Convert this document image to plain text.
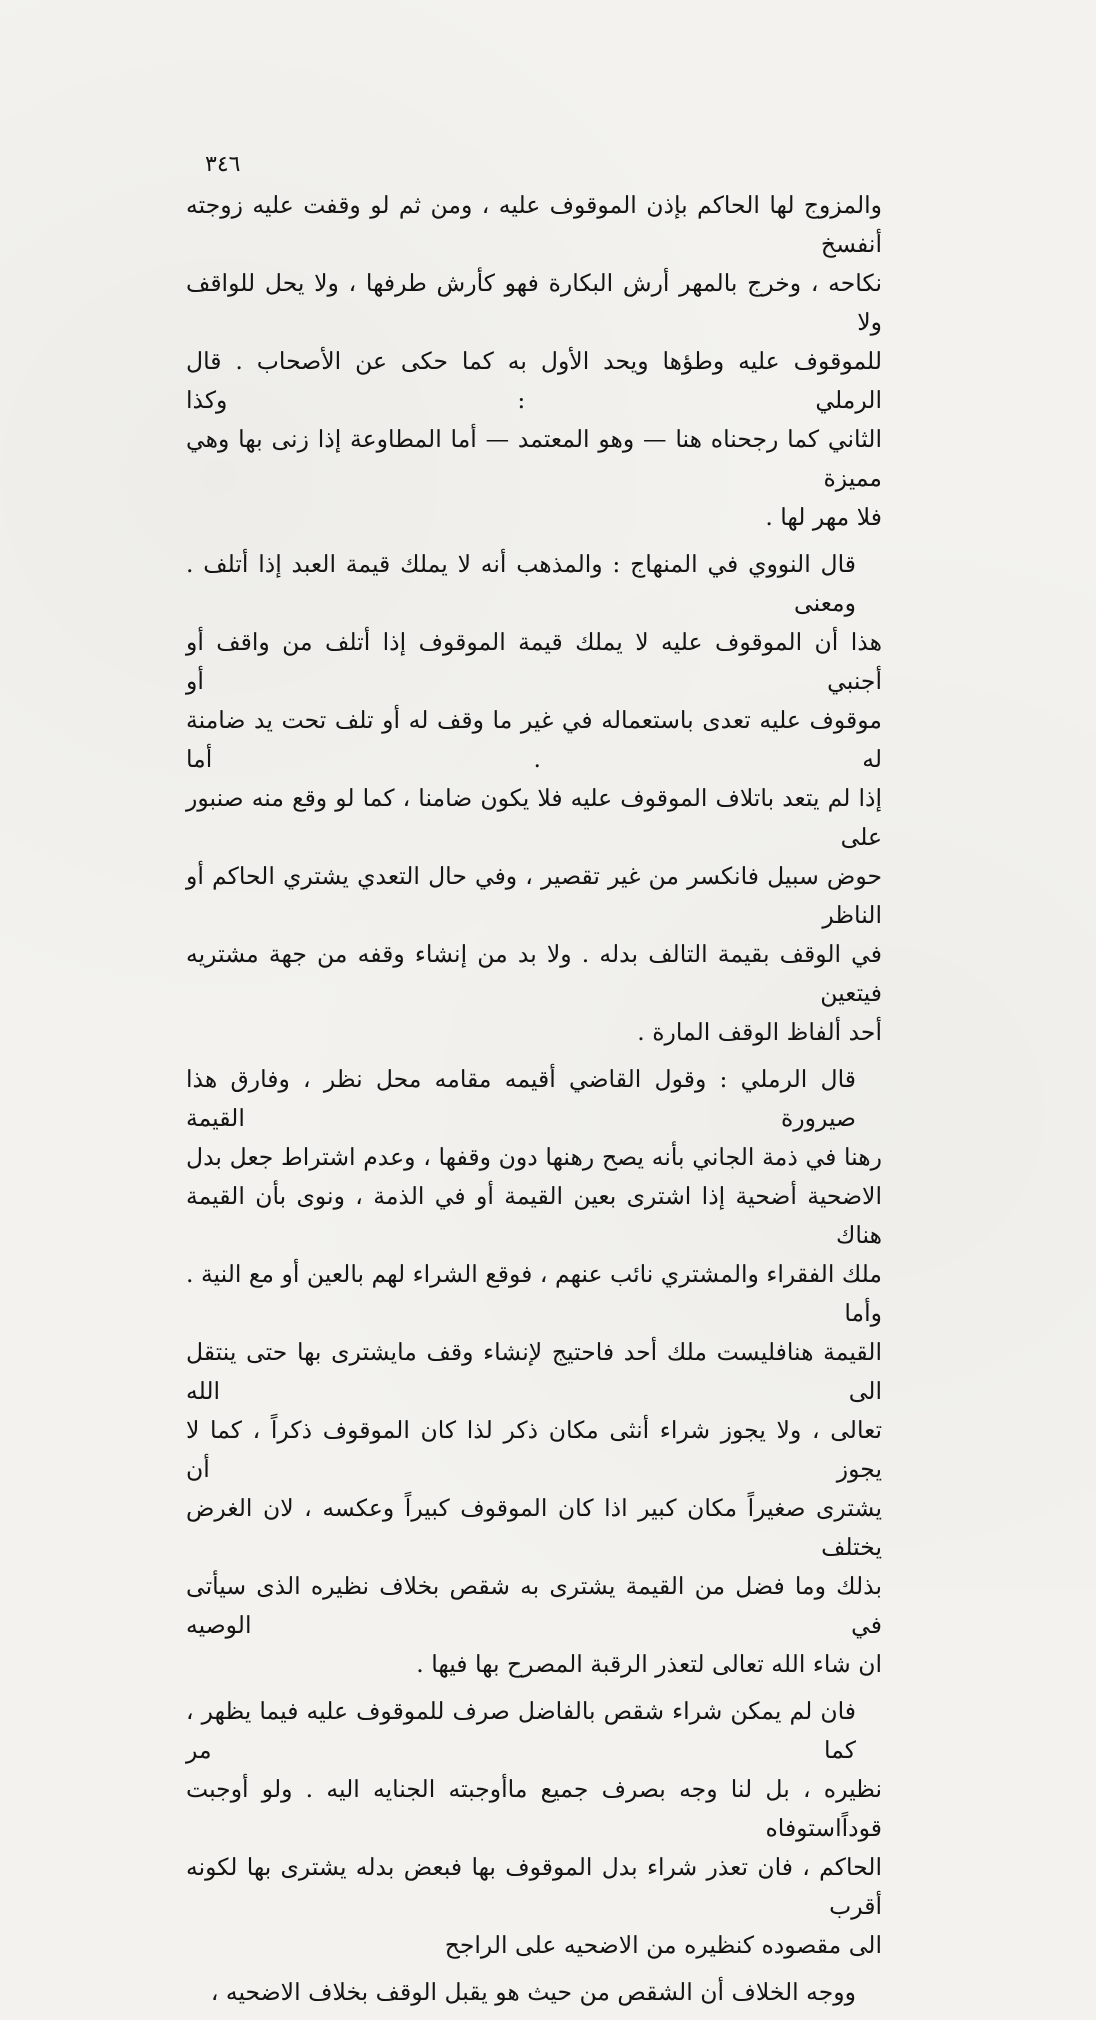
٣٤٦

والمزوج لها الحاكم بإذن الموقوف عليه ، ومن ثم لو وقفت عليه زوجته أنفسخ
نكاحه ، وخرج بالمهر أرش البكارة فهو كأرش طرفها ، ولا يحل للواقف ولا
للموقوف عليه وطؤها ويحد الأول به كما حكى عن الأصحاب . قال الرملي : وكذا
الثاني كما رجحناه هنا — وهو المعتمد — أما المطاوعة إذا زنى بها وهي مميزة
فلا مهر لها .

قال النووي في المنهاج : والمذهب أنه لا يملك قيمة العبد إذا أتلف . ومعنى
هذا أن الموقوف عليه لا يملك قيمة الموقوف إذا أتلف من واقف أو أجنبي أو
موقوف عليه تعدى باستعماله في غير ما وقف له أو تلف تحت يد ضامنة له . أما
إذا لم يتعد باتلاف الموقوف عليه فلا يكون ضامنا ، كما لو وقع منه صنبور على
حوض سبيل فانكسر من غير تقصير ، وفي حال التعدي يشتري الحاكم أو الناظر
في الوقف بقيمة التالف بدله . ولا بد من إنشاء وقفه من جهة مشتريه فيتعين
أحد ألفاظ الوقف المارة .

قال الرملي : وقول القاضي أقيمه مقامه محل نظر ، وفارق هذا صيرورة القيمة
رهنا في ذمة الجاني بأنه يصح رهنها دون وقفها ، وعدم اشتراط جعل بدل
الاضحية أضحية إذا اشترى بعين القيمة أو في الذمة ، ونوى بأن القيمة هناك
ملك الفقراء والمشتري نائب عنهم ، فوقع الشراء لهم بالعين أو مع النية . وأما
القيمة هنافليست ملك أحد فاحتيج لإنشاء وقف مايشترى بها حتى ينتقل الى الله
تعالى ، ولا يجوز شراء أنثى مكان ذكر لذا كان الموقوف ذكراً ، كما لا يجوز أن
يشترى صغيراً مكان كبير اذا كان الموقوف كبيراً وعكسه ، لان الغرض يختلف
بذلك وما فضل من القيمة يشترى به شقص بخلاف نظيره الذى سيأتى في الوصيه
ان شاء الله تعالى لتعذر الرقبة المصرح بها فيها .

فان لم يمكن شراء شقص بالفاضل صرف للموقوف عليه فيما يظهر ، كما مر
نظيره ، بل لنا وجه بصرف جميع ماأوجبته الجنايه اليه . ولو أوجبت قوداًاستوفاه
الحاكم ، فان تعذر شراء بدل الموقوف بها فبعض بدله يشترى بها لكونه أقرب
الى مقصوده كنظيره من الاضحيه على الراجح

ووجه الخلاف أن الشقص من حيث هو يقبل الوقف بخلاف الاضحيه ،
